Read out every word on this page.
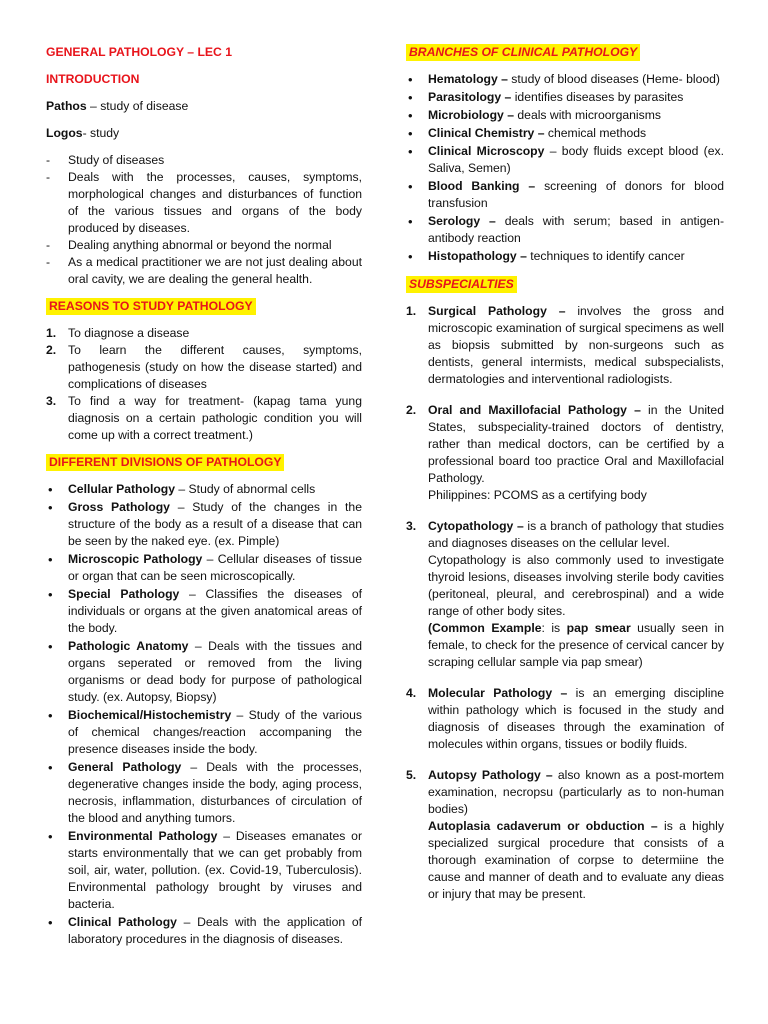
GENERAL PATHOLOGY – LEC 1

INTRODUCTION

Pathos – study of disease

Logos- study

- Study of diseases
- Deals with the processes, causes, symptoms, morphological changes and disturbances of function of the various tissues and organs of the body produced by diseases.
- Dealing anything abnormal or beyond the normal
- As a medical practitioner we are not just dealing about oral cavity, we are dealing the general health.

REASONS TO STUDY PATHOLOGY

1. To diagnose a disease
2. To learn the different causes, symptoms, pathogenesis (study on how the disease started) and complications of diseases
3. To find a way for treatment- (kapag tama yung diagnosis on a certain pathologic condition you will come up with a correct treatment.)

DIFFERENT DIVISIONS OF PATHOLOGY

• Cellular Pathology – Study of abnormal cells
• Gross Pathology – Study of the changes in the structure of the body as a result of a disease that can be seen by the naked eye. (ex. Pimple)
• Microscopic Pathology – Cellular diseases of tissue or organ that can be seen microscopically.
• Special Pathology – Classifies the diseases of individuals or organs at the given anatomical areas of the body.
• Pathologic Anatomy – Deals with the tissues and organs seperated or removed from the living organisms or dead body for purpose of pathological study. (ex. Autopsy, Biopsy)
• Biochemical/Histochemistry – Study of the various of chemical changes/reaction accompaning the presence diseases inside the body.
• General Pathology – Deals with the processes, degenerative changes inside the body, aging process, necrosis, inflammation, disturbances of circulation of the blood and anything tumors.
• Environmental Pathology – Diseases emanates or starts environmentally that we can get probably from soil, air, water, pollution. (ex. Covid-19, Tuberculosis). Environmental pathology brought by viruses and bacteria.
• Clinical Pathology – Deals with the application of laboratory procedures in the diagnosis of diseases.

BRANCHES OF CLINICAL PATHOLOGY

• Hematology – study of blood diseases (Heme- blood)
• Parasitology – identifies diseases by parasites
• Microbiology – deals with microorganisms
• Clinical Chemistry – chemical methods
• Clinical Microscopy – body fluids except blood (ex. Saliva, Semen)
• Blood Banking – screening of donors for blood transfusion
• Serology – deals with serum; based in antigen-antibody reaction
• Histopathology – techniques to identify cancer

SUBSPECIALTIES

1. Surgical Pathology – involves the gross and microscopic examination of surgical specimens as well as biopsis submitted by non-surgeons such as dentists, general intermists, medical subspecialists, dermatologies and interventional radiologists.
2. Oral and Maxillofacial Pathology – in the United States, subspeciality-trained doctors of dentistry, rather than medical doctors, can be certified by a professional board too practice Oral and Maxillofacial Pathology.
Philippines: PCOMS as a certifying body
3. Cytopathology – is a branch of pathology that studies and diagnoses diseases on the cellular level.
Cytopathology is also commonly used to investigate thyroid lesions, diseases involving sterile body cavities (peritoneal, pleural, and cerebrospinal) and a wide range of other body sites.
(Common Example: is pap smear usually seen in female, to check for the presence of cervical cancer by scraping cellular sample via pap smear)
4. Molecular Pathology – is an emerging discipline within pathology which is focused in the study and diagnosis of diseases through the examination of molecules within organs, tissues or bodily fluids.
5. Autopsy Pathology – also known as a post-mortem examination, necropsu (particularly as to non-human bodies)
Autoplasia cadaverum or obduction – is a highly specialized surgical procedure that consists of a thorough examination of corpse to determiine the cause and manner of death and to evaluate any dieas or injury that may be present.
